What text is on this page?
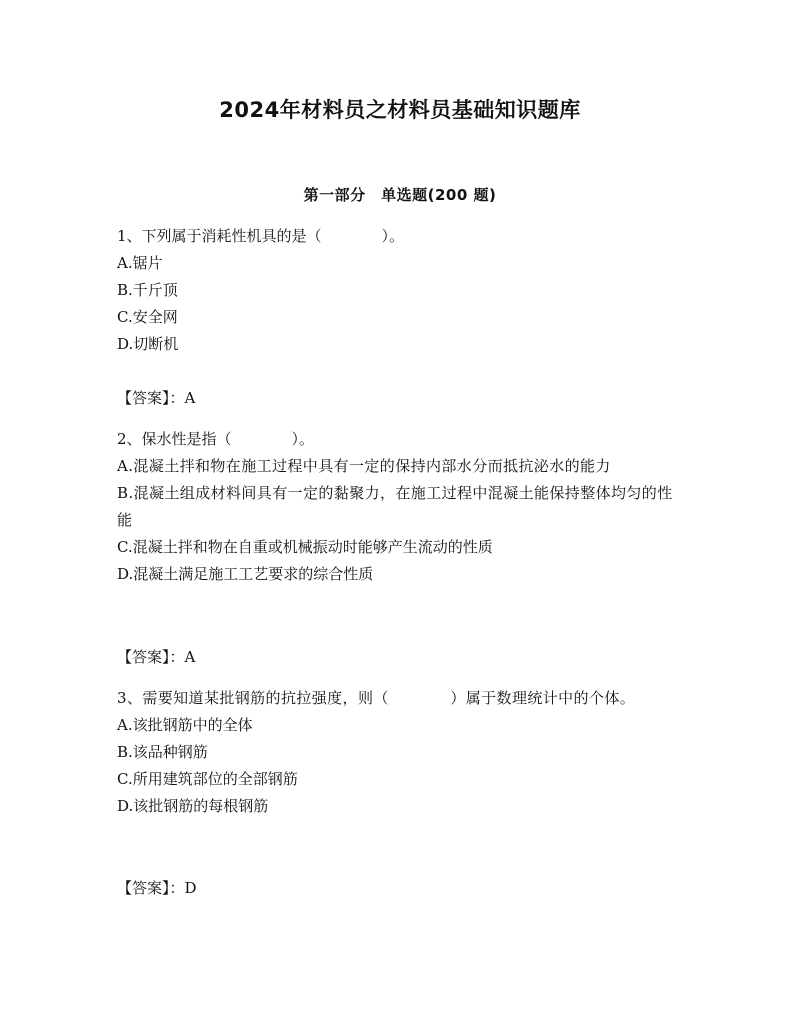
2024年材料员之材料员基础知识题库
第一部分　单选题(200 题)
1、下列属于消耗性机具的是（　　　　）。
A.锯片
B.千斤顶
C.安全网
D.切断机
【答案】：A
2、保水性是指（　　　　）。
A.混凝土拌和物在施工过程中具有一定的保持内部水分而抵抗泌水的能力
B.混凝土组成材料间具有一定的黏聚力，在施工过程中混凝土能保持整体均匀的性能
C.混凝土拌和物在自重或机械振动时能够产生流动的性质
D.混凝土满足施工工艺要求的综合性质
【答案】：A
3、需要知道某批钢筋的抗拉强度，则（　　　　）属于数理统计中的个体。
A.该批钢筋中的全体
B.该品种钢筋
C.所用建筑部位的全部钢筋
D.该批钢筋的每根钢筋
【答案】：D
